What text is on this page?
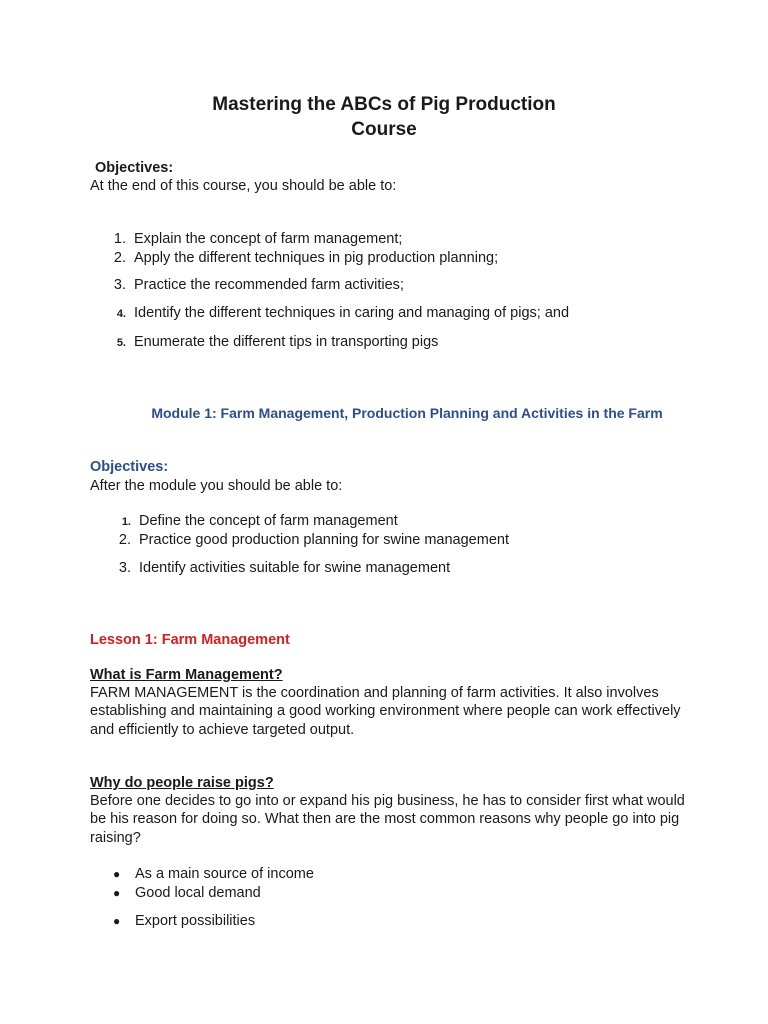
Mastering the ABCs of Pig Production
Course
Objectives:
At the end of this course, you should be able to:
1. Explain the concept of farm management;
2. Apply the different techniques in pig production planning;
3. Practice the recommended farm activities;
4. Identify the different techniques in caring and managing of pigs; and
5. Enumerate the different tips in transporting pigs
Module 1: Farm Management, Production Planning and Activities in the Farm
Objectives:
After the module you should be able to:
1. Define the concept of farm management
2. Practice good production planning for swine management
3. Identify activities suitable for swine management
Lesson 1: Farm Management
What is Farm Management?
FARM MANAGEMENT is the coordination and planning of farm activities. It also involves establishing and maintaining a good working environment where people can work effectively and efficiently to achieve targeted output.
Why do people raise pigs?
Before one decides to go into or expand his pig business, he has to consider first what would be his reason for doing so. What then are the most common reasons why people go into pig raising?
● As a main source of income
● Good local demand
● Export possibilities
